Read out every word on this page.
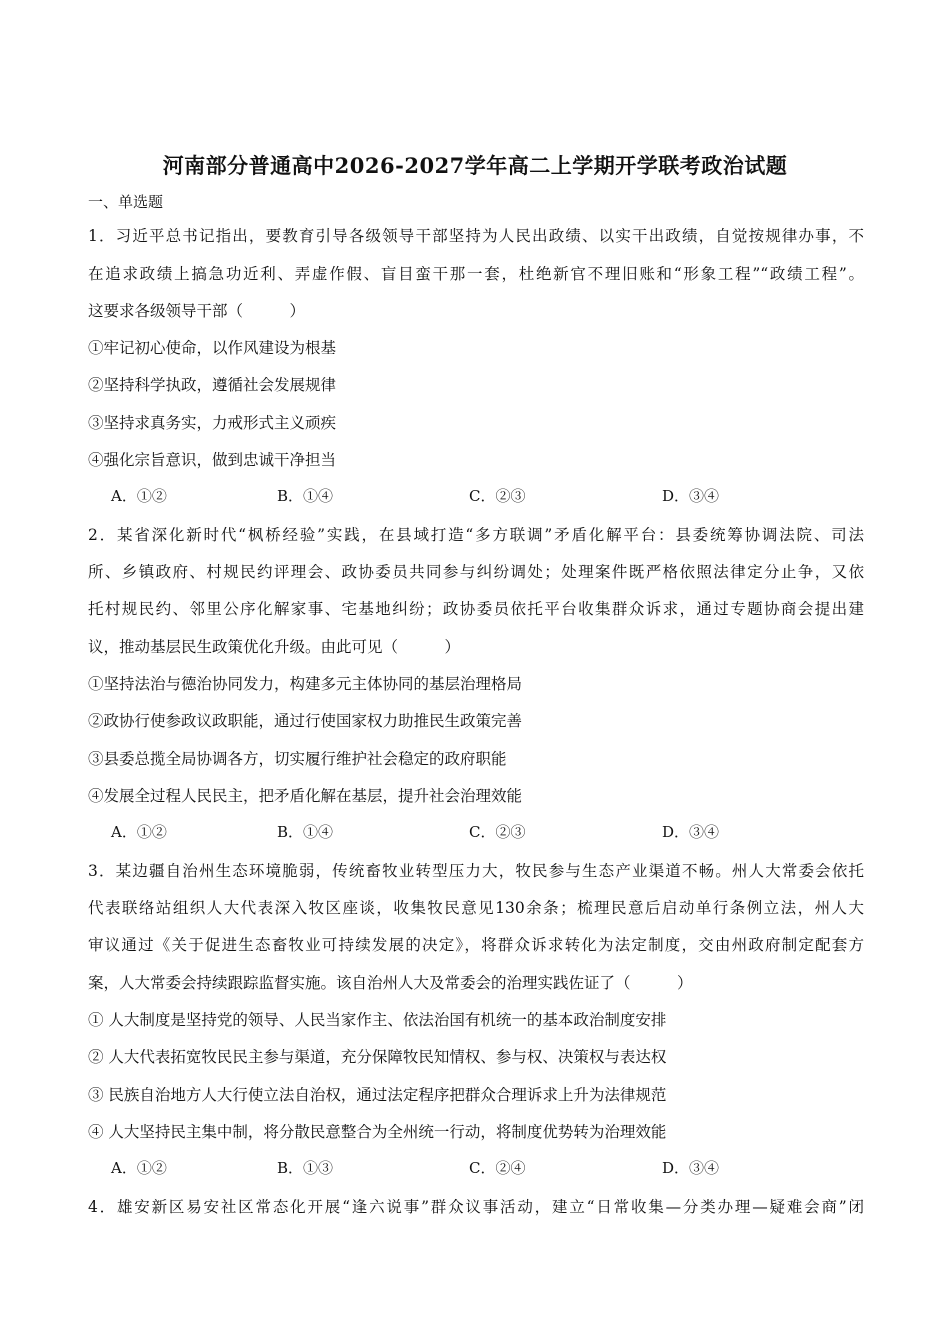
河南部分普通高中2026-2027学年高二上学期开学联考政治试题
一、单选题
1．习近平总书记指出，要教育引导各级领导干部坚持为人民出政绩、以实干出政绩，自觉按规律办事，不
在追求政绩上搞急功近利、弄虚作假、盲目蛮干那一套，杜绝新官不理旧账和“形象工程”“政绩工程”。
这要求各级领导干部（　　　）
①牢记初心使命，以作风建设为根基
②坚持科学执政，遵循社会发展规律
③坚持求真务实，力戒形式主义顽疾
④强化宗旨意识，做到忠诚干净担当
A．①②	B．①④	C．②③	D．③④
2．某省深化新时代“枫桥经验”实践，在县域打造“多方联调”矛盾化解平台：县委统筹协调法院、司法
所、乡镇政府、村规民约评理会、政协委员共同参与纠纷调处；处理案件既严格依照法律定分止争，又依
托村规民约、邻里公序化解家事、宅基地纠纷；政协委员依托平台收集群众诉求，通过专题协商会提出建
议，推动基层民生政策优化升级。由此可见（　　　）
①坚持法治与德治协同发力，构建多元主体协同的基层治理格局
②政协行使参政议政职能，通过行使国家权力助推民生政策完善
③县委总揽全局协调各方，切实履行维护社会稳定的政府职能
④发展全过程人民民主，把矛盾化解在基层，提升社会治理效能
A．①②	B．①④	C．②③	D．③④
3．某边疆自治州生态环境脆弱，传统畜牧业转型压力大，牧民参与生态产业渠道不畅。州人大常委会依托
代表联络站组织人大代表深入牧区座谈，收集牧民意见130余条；梳理民意后启动单行条例立法，州人大
审议通过《关于促进生态畜牧业可持续发展的决定》，将群众诉求转化为法定制度，交由州政府制定配套方
案，人大常委会持续跟踪监督实施。该自治州人大及常委会的治理实践佐证了（　　　）
① 人大制度是坚持党的领导、人民当家作主、依法治国有机统一的基本政治制度安排
② 人大代表拓宽牧民民主参与渠道，充分保障牧民知情权、参与权、决策权与表达权
③ 民族自治地方人大行使立法自治权，通过法定程序把群众合理诉求上升为法律规范
④ 人大坚持民主集中制，将分散民意整合为全州统一行动，将制度优势转为治理效能
A．①②	B．①③	C．②④	D．③④
4．雄安新区易安社区常态化开展“逢六说事”群众议事活动，建立“日常收集—分类办理—疑难会商”闭
